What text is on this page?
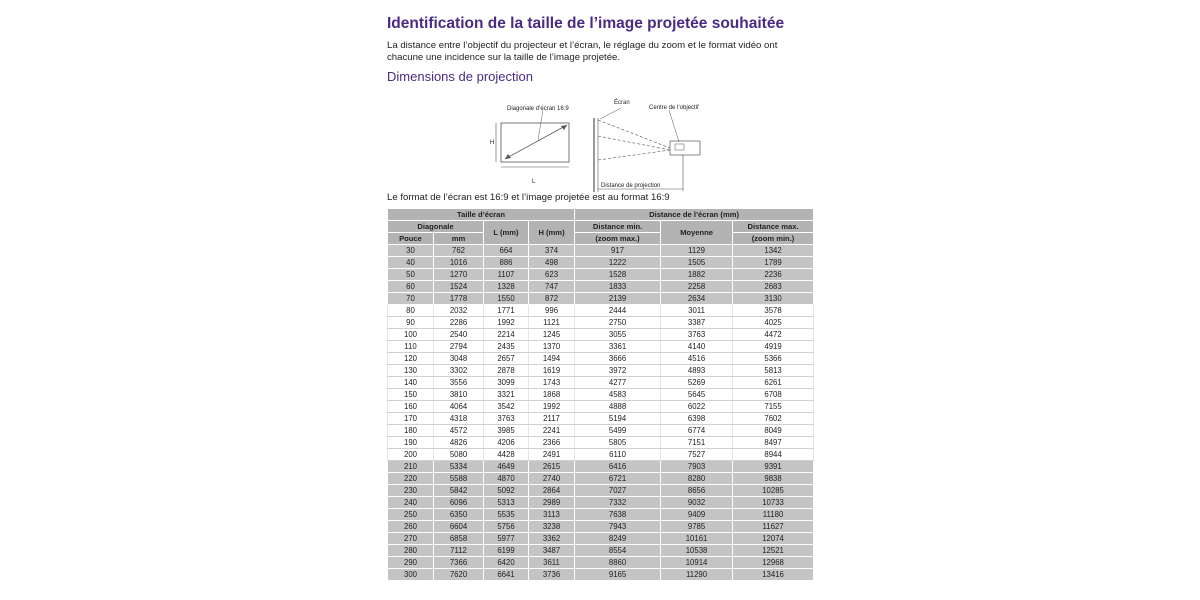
Identification de la taille de l’image projetée souhaitée

La distance entre l’objectif du projecteur et l’écran, le réglage du zoom et le format vidéo ont chacune une incidence sur la taille de l’image projetée.

Dimensions de projection
Diagonale d’écran 16:9
Écran
Centre de l’objectif
H
L
Distance de projection
Le format de l’écran est 16:9 et l’image projetée est au format 16:9
Taille d’écran				Distance de l’écran (mm)		
Diagonale		L (mm)	H (mm)	Distance min.	Moyenne	Distance max.
Pouce	mm			(zoom max.)		(zoom min.)
30	762	664	374	917	1129	1342
40	1016	886	498	1222	1505	1789
50	1270	1107	623	1528	1882	2236
60	1524	1328	747	1833	2258	2683
70	1778	1550	872	2139	2634	3130
80	2032	1771	996	2444	3011	3578
90	2286	1992	1121	2750	3387	4025
100	2540	2214	1245	3055	3763	4472
110	2794	2435	1370	3361	4140	4919
120	3048	2657	1494	3666	4516	5366
130	3302	2878	1619	3972	4893	5813
140	3556	3099	1743	4277	5269	6261
150	3810	3321	1868	4583	5645	6708
160	4064	3542	1992	4888	6022	7155
170	4318	3763	2117	5194	6398	7602
180	4572	3985	2241	5499	6774	8049
190	4826	4206	2366	5805	7151	8497
200	5080	4428	2491	6110	7527	8944
210	5334	4649	2615	6416	7903	9391
220	5588	4870	2740	6721	8280	9838
230	5842	5092	2864	7027	8656	10285
240	6096	5313	2989	7332	9032	10733
250	6350	5535	3113	7638	9409	11180
260	6604	5756	3238	7943	9785	11627
270	6858	5977	3362	8249	10161	12074
280	7112	6199	3487	8554	10538	12521
290	7366	6420	3611	8860	10914	12968
300	7620	6641	3736	9165	11290	13416
